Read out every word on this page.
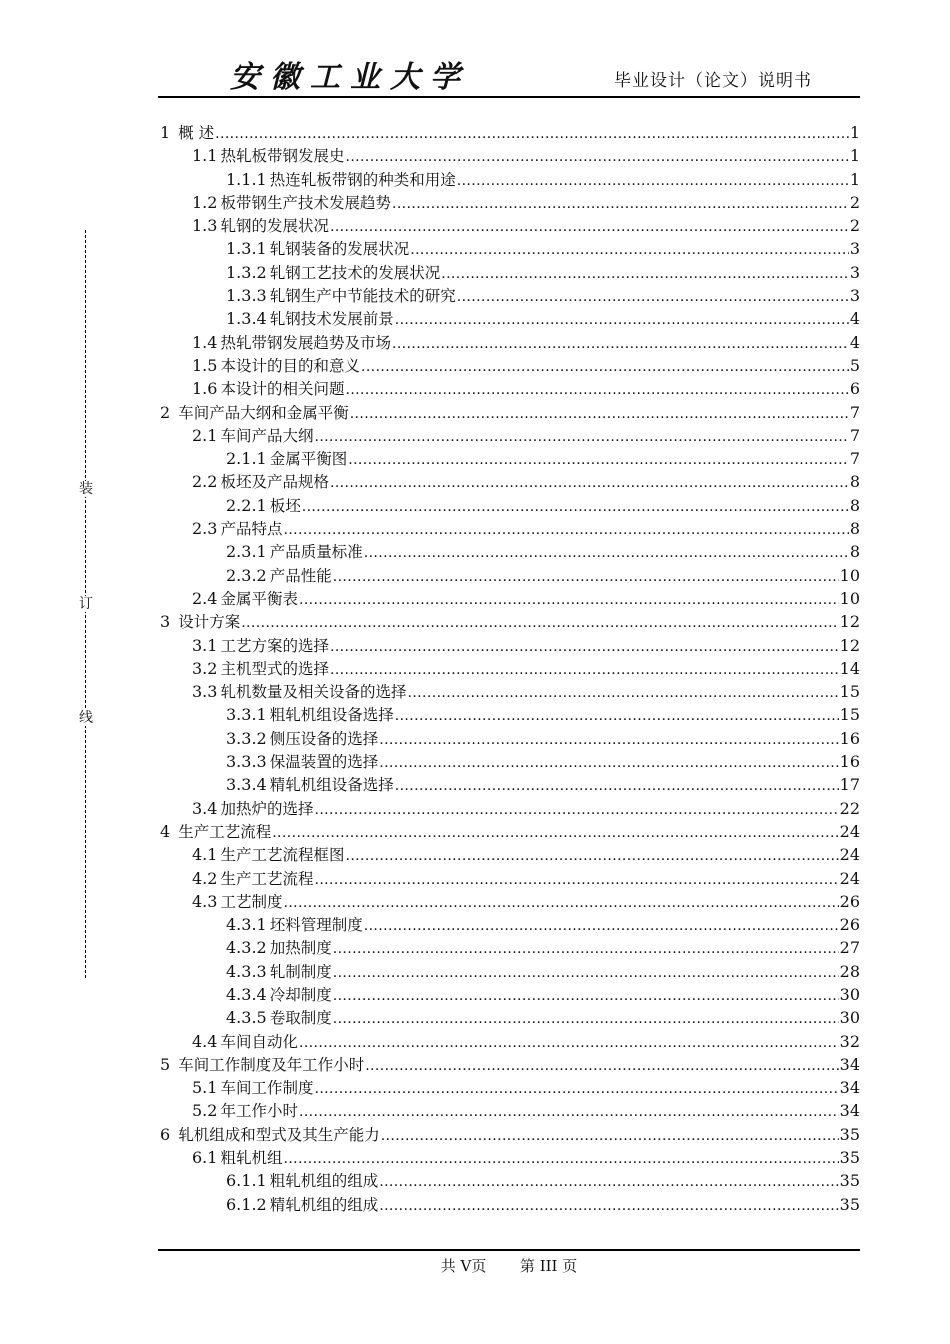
安徽工业大学	毕业设计（论文）说明书
装
订
线
1 概 述 .....	1
1.1 热轧板带钢发展史 .....	1
1.1.1 热连轧板带钢的种类和用途 .....	1
1.2 板带钢生产技术发展趋势 .....	2
1.3 轧钢的发展状况 .....	2
1.3.1 轧钢装备的发展状况 .....	3
1.3.2 轧钢工艺技术的发展状况 .....	3
1.3.3 轧钢生产中节能技术的研究 .....	3
1.3.4 轧钢技术发展前景 .....	4
1.4 热轧带钢发展趋势及市场 .....	4
1.5 本设计的目的和意义 .....	5
1.6 本设计的相关问题 .....	6
2 车间产品大纲和金属平衡 .....	7
2.1 车间产品大纲 .....	7
2.1.1 金属平衡图 .....	7
2.2 板坯及产品规格 .....	8
2.2.1 板坯 .....	8
2.3 产品特点 .....	8
2.3.1 产品质量标准 .....	8
2.3.2 产品性能 .....	10
2.4 金属平衡表 .....	10
3 设计方案 .....	12
3.1 工艺方案的选择 .....	12
3.2 主机型式的选择 .....	14
3.3 轧机数量及相关设备的选择 .....	15
3.3.1 粗轧机组设备选择 .....	15
3.3.2 侧压设备的选择 .....	16
3.3.3 保温装置的选择 .....	16
3.3.4 精轧机组设备选择 .....	17
3.4 加热炉的选择 .....	22
4 生产工艺流程 .....	24
4.1 生产工艺流程框图 .....	24
4.2 生产工艺流程 .....	24
4.3 工艺制度 .....	26
4.3.1 坯料管理制度 .....	26
4.3.2 加热制度 .....	27
4.3.3 轧制制度 .....	28
4.3.4 冷却制度 .....	30
4.3.5 卷取制度 .....	30
4.4 车间自动化 .....	32
5 车间工作制度及年工作小时 .....	34
5.1 车间工作制度 .....	34
5.2 年工作小时 .....	34
6 轧机组成和型式及其生产能力 .....	35
6.1 粗轧机组 .....	35
6.1.1 粗轧机组的组成 .....	35
6.1.2 精轧机组的组成 .....	35
共 V页 第 III 页
